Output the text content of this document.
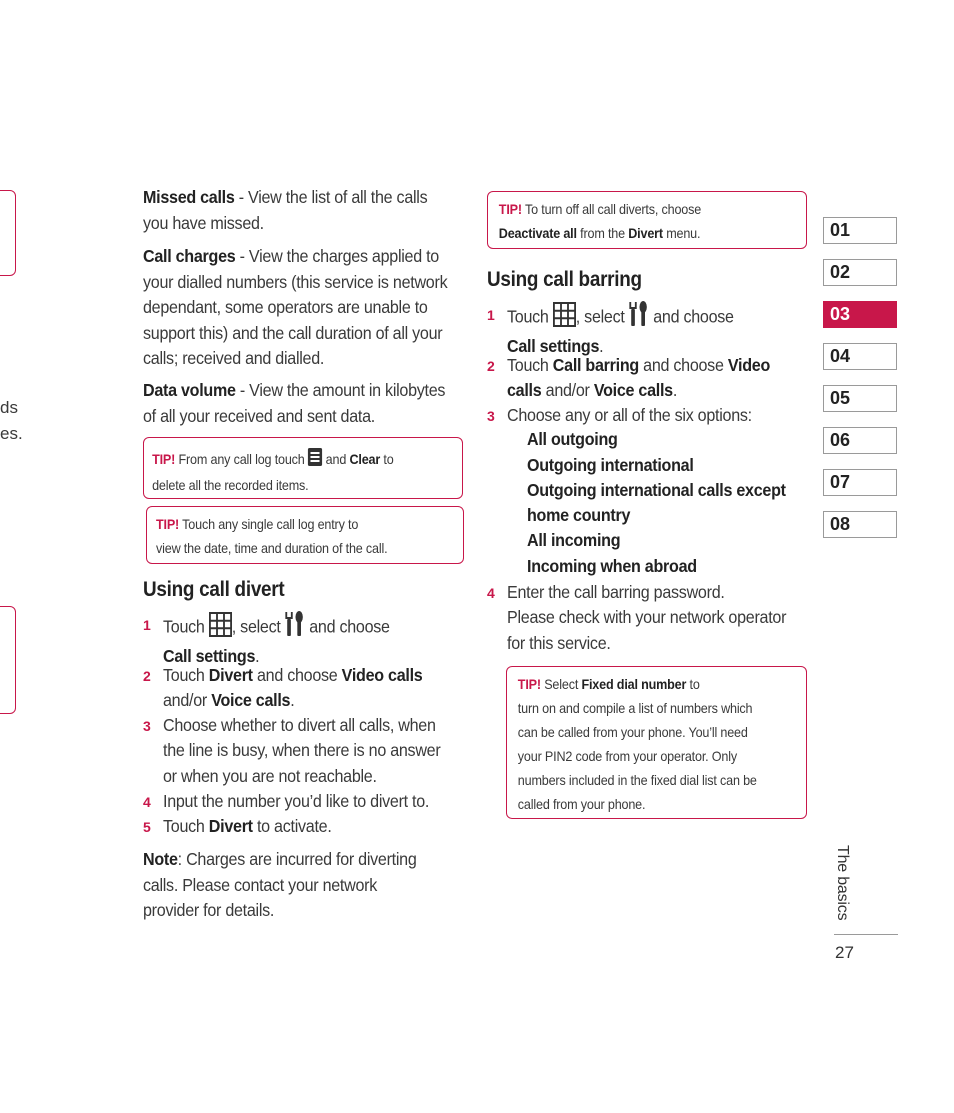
ds
es.
Missed calls - View the list of all the calls
you have missed.
Call charges - View the charges applied to
your dialled numbers (this service is network
dependant, some operators are unable to
support this) and the call duration of all your
calls; received and dialled.
Data volume - View the amount in kilobytes
of all your received and sent data.
TIP! From any call log touch  and Clear to
delete all the recorded items.
TIP! Touch any single call log entry to
view the date, time and duration of the call.
Using call divert
1 Touch , select and choose
Call settings.
2 Touch Divert and choose Video calls
and/or Voice calls.
3 Choose whether to divert all calls, when
the line is busy, when there is no answer
or when you are not reachable.
4 Input the number you’d like to divert to.
5 Touch Divert to activate.
Note: Charges are incurred for diverting
calls. Please contact your network
provider for details.
TIP! To turn off all call diverts, choose
Deactivate all from the Divert menu.
Using call barring
1 Touch , select and choose
Call settings.
2 Touch Call barring and choose Video
calls and/or Voice calls.
3 Choose any or all of the six options:
All outgoing
Outgoing international
Outgoing international calls except
home country
All incoming
Incoming when abroad
4 Enter the call barring password.
Please check with your network operator
for this service.
TIP! Select Fixed dial number to
turn on and compile a list of numbers which
can be called from your phone. You’ll need
your PIN2 code from your operator. Only
numbers included in the fixed dial list can be
called from your phone.
01
02
03
04
05
06
07
08
The basics
27
